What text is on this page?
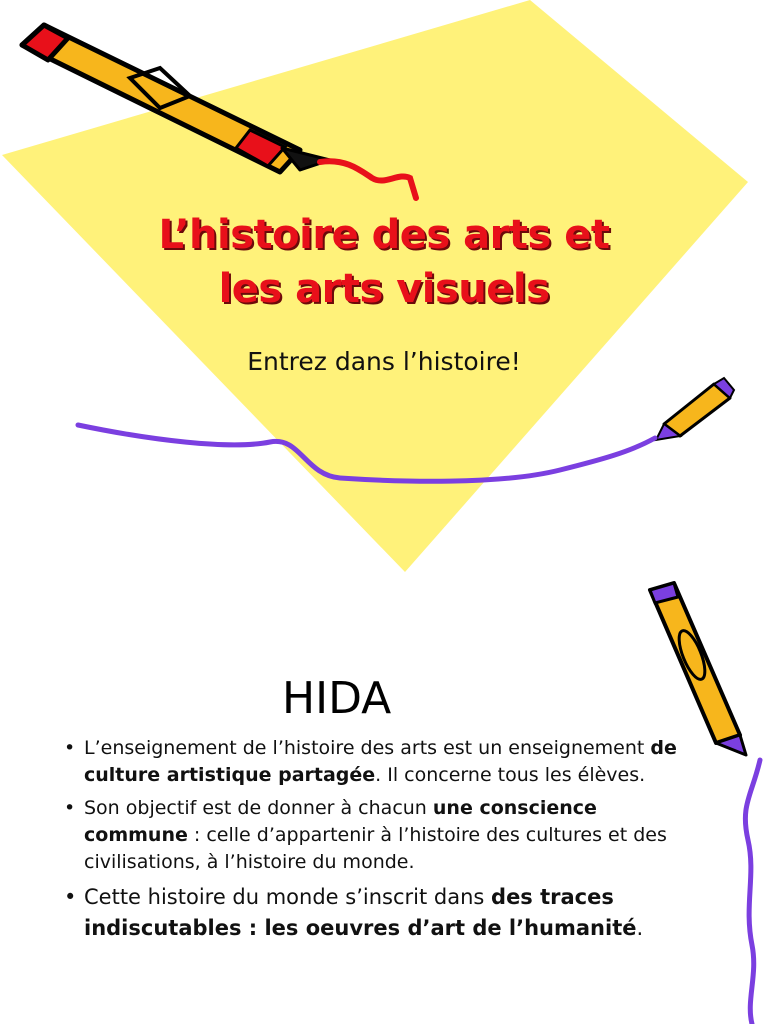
L’histoire des arts et
les arts visuels

Entrez dans l’histoire!

HIDA
• L’enseignement de l’histoire des arts est un enseignement de culture artistique partagée. Il concerne tous les élèves.
• Son objectif est de donner à chacun une conscience commune : celle d’appartenir à l’histoire des cultures et des civilisations, à l’histoire du monde.
• Cette histoire du monde s’inscrit dans des traces indiscutables : les oeuvres d’art de l’humanité.
